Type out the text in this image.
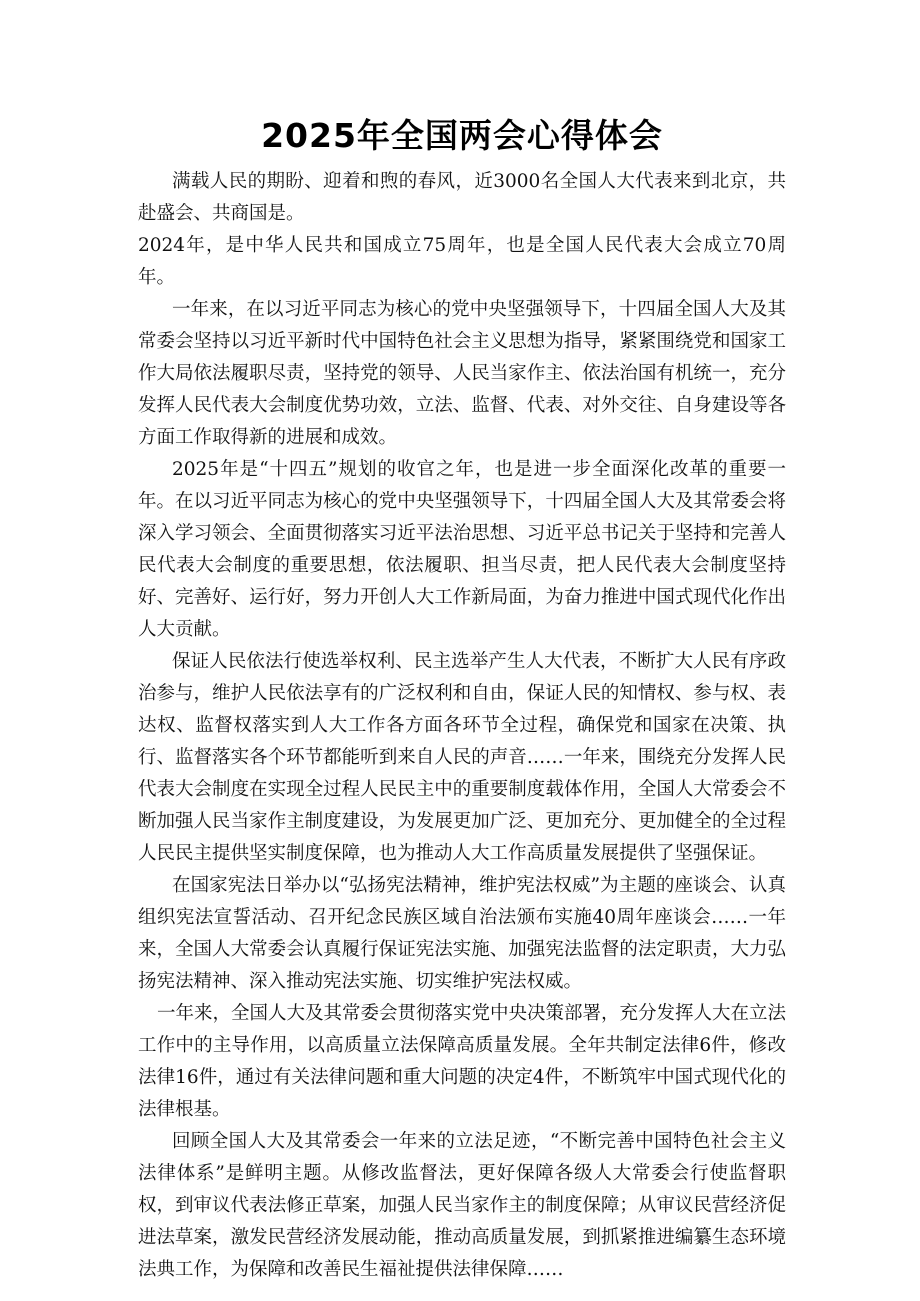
2025年全国两会心得体会

满载人民的期盼、迎着和煦的春风，近3000名全国人大代表来到北京，共赴盛会、共商国是。

2024年，是中华人民共和国成立75周年，也是全国人民代表大会成立70周年。

一年来，在以习近平同志为核心的党中央坚强领导下，十四届全国人大及其常委会坚持以习近平新时代中国特色社会主义思想为指导，紧紧围绕党和国家工作大局依法履职尽责，坚持党的领导、人民当家作主、依法治国有机统一，充分发挥人民代表大会制度优势功效，立法、监督、代表、对外交往、自身建设等各方面工作取得新的进展和成效。

2025年是“十四五”规划的收官之年，也是进一步全面深化改革的重要一年。在以习近平同志为核心的党中央坚强领导下，十四届全国人大及其常委会将深入学习领会、全面贯彻落实习近平法治思想、习近平总书记关于坚持和完善人民代表大会制度的重要思想，依法履职、担当尽责，把人民代表大会制度坚持好、完善好、运行好，努力开创人大工作新局面，为奋力推进中国式现代化作出人大贡献。

保证人民依法行使选举权利、民主选举产生人大代表，不断扩大人民有序政治参与，维护人民依法享有的广泛权利和自由，保证人民的知情权、参与权、表达权、监督权落实到人大工作各方面各环节全过程，确保党和国家在决策、执行、监督落实各个环节都能听到来自人民的声音……一年来，围绕充分发挥人民代表大会制度在实现全过程人民民主中的重要制度载体作用，全国人大常委会不断加强人民当家作主制度建设，为发展更加广泛、更加充分、更加健全的全过程人民民主提供坚实制度保障，也为推动人大工作高质量发展提供了坚强保证。

在国家宪法日举办以“弘扬宪法精神，维护宪法权威”为主题的座谈会、认真组织宪法宣誓活动、召开纪念民族区域自治法颁布实施40周年座谈会……一年来，全国人大常委会认真履行保证宪法实施、加强宪法监督的法定职责，大力弘扬宪法精神、深入推动宪法实施、切实维护宪法权威。

一年来，全国人大及其常委会贯彻落实党中央决策部署，充分发挥人大在立法工作中的主导作用，以高质量立法保障高质量发展。全年共制定法律6件，修改法律16件，通过有关法律问题和重大问题的决定4件，不断筑牢中国式现代化的法律根基。

回顾全国人大及其常委会一年来的立法足迹，“不断完善中国特色社会主义法律体系”是鲜明主题。从修改监督法，更好保障各级人大常委会行使监督职权，到审议代表法修正草案，加强人民当家作主的制度保障；从审议民营经济促进法草案，激发民营经济发展动能，推动高质量发展，到抓紧推进编纂生态环境法典工作，为保障和改善民生福祉提供法律保障……
